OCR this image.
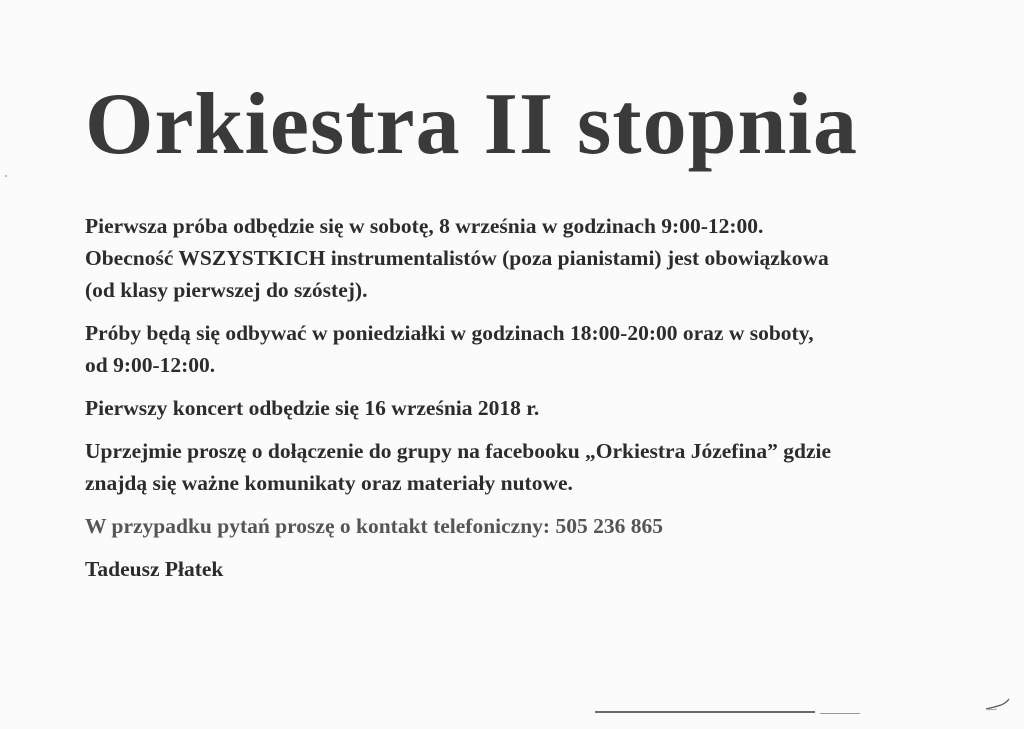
Orkiestra II stopnia

Pierwsza próba odbędzie się w sobotę, 8 września w godzinach 9:00-12:00.
Obecność WSZYSTKICH instrumentalistów (poza pianistami) jest obowiązkowa
(od klasy pierwszej do szóstej).

Próby będą się odbywać w poniedziałki w godzinach 18:00-20:00 oraz w soboty,
od 9:00-12:00.

Pierwszy koncert odbędzie się 16 września 2018 r.

Uprzejmie proszę o dołączenie do grupy na facebooku „Orkiestra Józefina” gdzie
znajdą się ważne komunikaty oraz materiały nutowe.

W przypadku pytań proszę o kontakt telefoniczny: 505 236 865

Tadeusz Płatek
